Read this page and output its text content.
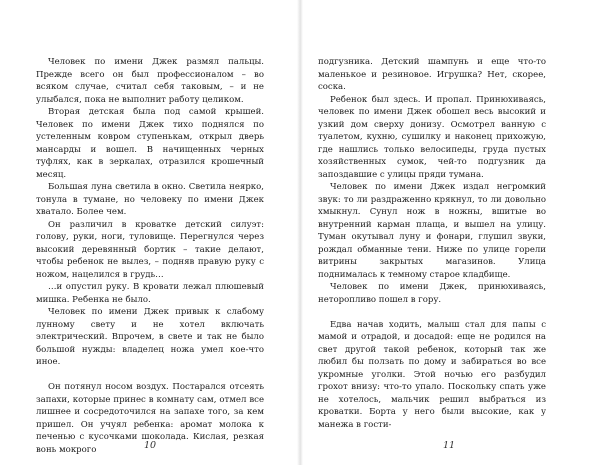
Человек по имени Джек размял пальцы. Прежде всего он был профессионалом – во всяком случае, считал себя таковым, – и не улыбался, пока не выполнит работу целиком.

Вторая детская была под самой крышей. Человек по имени Джек тихо поднялся по устеленным ковром ступенькам, открыл дверь мансарды и вошел. В начищенных черных туфлях, как в зеркалах, отразился крошечный месяц.

Большая луна светила в окно. Светила неярко, тонула в тумане, но человеку по имени Джек хватало. Более чем.

Он различил в кроватке детский силуэт: голову, руки, ноги, туловище. Перегнулся через высокий деревянный бортик – такие делают, чтобы ребенок не вылез, – подняв правую руку с ножом, нацелился в грудь…

…и опустил руку. В кровати лежал плюшевый мишка. Ребенка не было.

Человек по имени Джек привык к слабому лунному свету и не хотел включать электрический. Впрочем, в свете и так не было большой нужды: владелец ножа умел кое-что иное.

Он потянул носом воздух. Постарался отсеять запахи, которые принес в комнату сам, отмел все лишнее и сосредоточился на запахе того, за кем пришел. Он учуял ребенка: аромат молока к печенью с кусочками шоколада. Кислая, резкая вонь мокрого

подгузника. Детский шампунь и еще что-то маленькое и резиновое. Игрушка? Нет, скорее, соска.

Ребенок был здесь. И пропал. Принюхиваясь, человек по имени Джек обошел весь высокий и узкий дом сверху донизу. Осмотрел ванную с туалетом, кухню, сушилку и наконец прихожую, где нашлись только велосипеды, груда пустых хозяйственных сумок, чей-то подгузник да запоздавшие с улицы пряди тумана.

Человек по имени Джек издал негромкий звук: то ли раздраженно крякнул, то ли довольно хмыкнул. Сунул нож в ножны, вшитые во внутренний карман плаща, и вышел на улицу. Туман окутывал луну и фонари, глушил звуки, рождал обманные тени. Ниже по улице горели витрины закрытых магазинов. Улица поднималась к темному старое кладбище.

Человек по имени Джек, принюхиваясь, неторопливо пошел в гору.

Едва начав ходить, малыш стал для папы с мамой и отрадой, и досадой: еще не родился на свет другой такой ребенок, который так же любил бы ползать по дому и забираться во все укромные уголки. Этой ночью его разбудил грохот внизу: что-то упало. Поскольку спать уже не хотелось, мальчик решил выбраться из кроватки. Борта у него были высокие, как у манежа в гости-

10	11
